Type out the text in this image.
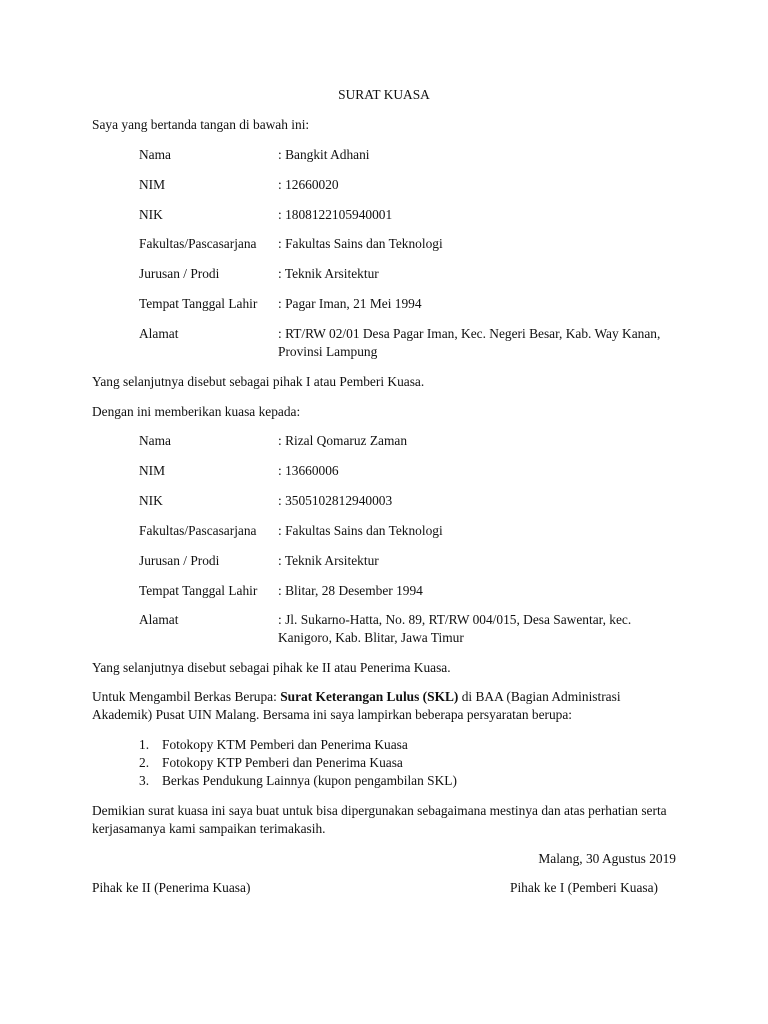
SURAT KUASA
Saya yang bertanda tangan di bawah ini:
Nama	: Bangkit Adhani
NIM	: 12660020
NIK	: 1808122105940001
Fakultas/Pascasarjana	: Fakultas Sains dan Teknologi
Jurusan / Prodi	: Teknik Arsitektur
Tempat Tanggal Lahir	: Pagar Iman, 21 Mei 1994
Alamat	: RT/RW 02/01 Desa Pagar Iman, Kec. Negeri Besar, Kab. Way Kanan, Provinsi Lampung
Yang selanjutnya disebut sebagai pihak I atau Pemberi Kuasa.
Dengan ini memberikan kuasa kepada:
Nama	: Rizal Qomaruz Zaman
NIM	: 13660006
NIK	: 3505102812940003
Fakultas/Pascasarjana	: Fakultas Sains dan Teknologi
Jurusan / Prodi	: Teknik Arsitektur
Tempat Tanggal Lahir	: Blitar, 28 Desember 1994
Alamat	: Jl. Sukarno-Hatta, No. 89, RT/RW 004/015, Desa Sawentar, kec. Kanigoro, Kab. Blitar, Jawa Timur
Yang selanjutnya disebut sebagai pihak ke II atau Penerima Kuasa.
Untuk Mengambil Berkas Berupa: Surat Keterangan Lulus (SKL) di BAA (Bagian Administrasi Akademik) Pusat UIN Malang. Bersama ini saya lampirkan beberapa persyaratan berupa:
1. Fotokopy KTM Pemberi dan Penerima Kuasa
2. Fotokopy KTP Pemberi dan Penerima Kuasa
3. Berkas Pendukung Lainnya (kupon pengambilan SKL)
Demikian surat kuasa ini saya buat untuk bisa dipergunakan sebagaimana mestinya dan atas perhatian serta kerjasamanya kami sampaikan terimakasih.
Malang, 30 Agustus 2019
Pihak ke II (Penerima Kuasa)	Pihak ke I (Pemberi Kuasa)
